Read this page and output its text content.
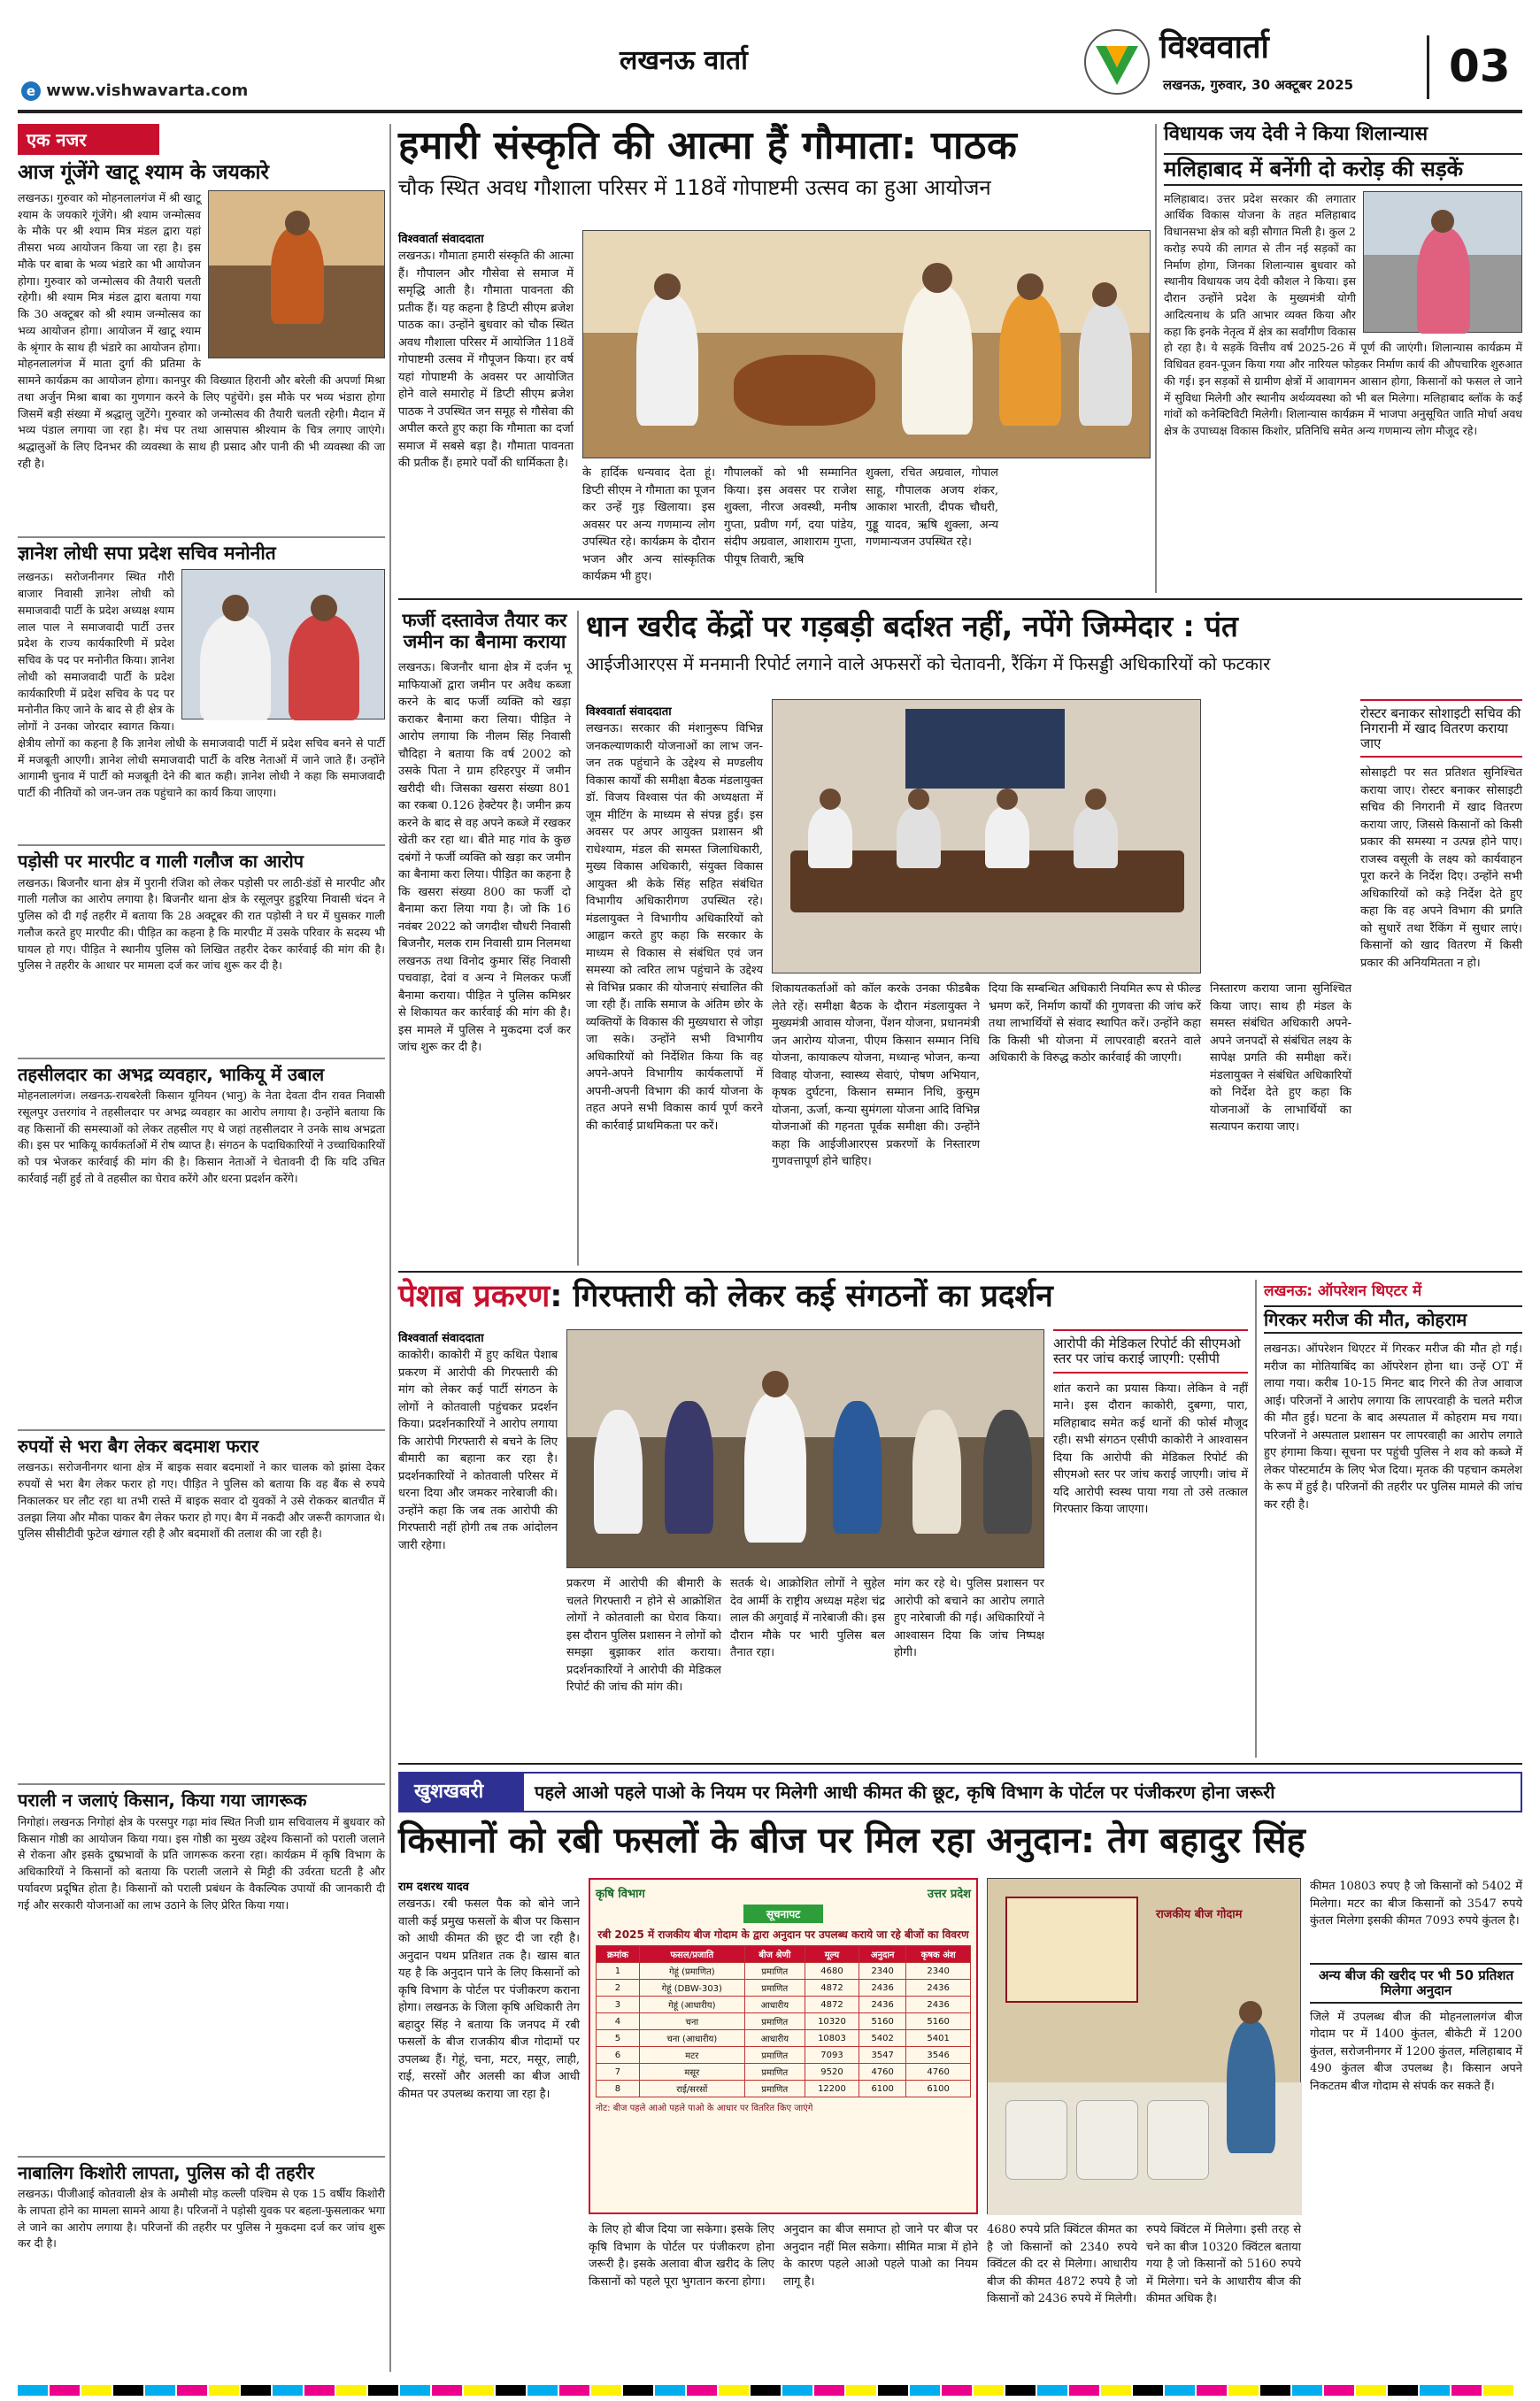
लखनऊ वार्ता
e www.vishwavarta.com
विश्ववार्ता
लखनऊ, गुरुवार, 30 अक्टूबर 2025 03
एक नजर
आज गूंजेंगे खाटू श्याम के जयकारे
लखनऊ। गुरुवार को मोहनलालगंज में श्री खाटू श्याम के जयकारे गूंजेंगे। श्री श्याम जन्मोत्सव के मौके पर श्री श्याम मित्र मंडल द्वारा यहां तीसरा भव्य आयोजन किया जा रहा है। इस मौके पर बाबा के भव्य भंडारे का भी आयोजन होगा। गुरुवार को जन्मोत्सव की तैयारी चलती रहेगी। श्री श्याम मित्र मंडल द्वारा बताया गया कि 30 अक्टूबर को श्री श्याम जन्मोत्सव का भव्य आयोजन होगा। आयोजन में खाटू श्याम के श्रृंगार के साथ ही भंडारे का आयोजन होगा। मोहनलालगंज में माता दुर्गा की प्रतिमा के सामने कार्यक्रम का आयोजन होगा। कानपुर की विख्यात हिरानी और बरेली की अपर्णा मिश्रा तथा अर्जुन मिश्रा बाबा का गुणगान करने के लिए पहुंचेंगे। इस मौके पर भव्य भंडारा होगा जिसमें बड़ी संख्या में श्रद्धालु जुटेंगे। गुरुवार को जन्मोत्सव की तैयारी चलती रहेगी। मैदान में भव्य पंडाल लगाया जा रहा है। मंच पर तथा आसपास श्रीश्याम के चित्र लगाए जाएंगे। श्रद्धालुओं के लिए दिनभर की व्यवस्था के साथ ही प्रसाद और पानी की भी व्यवस्था की जा रही है।
ज्ञानेश लोधी सपा प्रदेश सचिव मनोनीत
लखनऊ। सरोजनीनगर स्थित गौरी बाजार निवासी ज्ञानेश लोधी को समाजवादी पार्टी के प्रदेश अध्यक्ष श्याम लाल पाल ने समाजवादी पार्टी उत्तर प्रदेश के राज्य कार्यकारिणी में प्रदेश सचिव के पद पर मनोनीत किया। ज्ञानेश लोधी को समाजवादी पार्टी के प्रदेश कार्यकारिणी में प्रदेश सचिव के पद पर मनोनीत किए जाने के बाद से ही क्षेत्र के लोगों ने उनका जोरदार स्वागत किया। क्षेत्रीय लोगों का कहना है कि ज्ञानेश लोधी के समाजवादी पार्टी में प्रदेश सचिव बनने से पार्टी में मजबूती आएगी। ज्ञानेश लोधी समाजवादी पार्टी के वरिष्ठ नेताओं में जाने जाते हैं। उन्होंने आगामी चुनाव में पार्टी को मजबूती देने की बात कही। ज्ञानेश लोधी ने कहा कि समाजवादी पार्टी की नीतियों को जन-जन तक पहुंचाने का कार्य किया जाएगा।
पड़ोसी पर मारपीट व गाली गलौज का आरोप
लखनऊ। बिजनौर थाना क्षेत्र में पुरानी रंजिश को लेकर पड़ोसी पर लाठी-डंडों से मारपीट और गाली गलौज का आरोप लगाया है। बिजनौर थाना क्षेत्र के रसूलपुर हुडूरिया निवासी चंदन ने पुलिस को दी गई तहरीर में बताया कि 28 अक्टूबर की रात पड़ोसी ने घर में घुसकर गाली गलौज करते हुए मारपीट की। पीड़ित का कहना है कि मारपीट में उसके परिवार के सदस्य भी घायल हो गए। पीड़ित ने स्थानीय पुलिस को लिखित तहरीर देकर कार्रवाई की मांग की है। पुलिस ने तहरीर के आधार पर मामला दर्ज कर जांच शुरू कर दी है।
तहसीलदार का अभद्र व्यवहार, भाकियू में उबाल
मोहनलालगंज। लखनऊ-रायबरेली किसान यूनियन (भानु) के नेता देवता दीन रावत निवासी रसूलपुर उत्तरगांव ने तहसीलदार पर अभद्र व्यवहार का आरोप लगाया है। उन्होंने बताया कि वह किसानों की समस्याओं को लेकर तहसील गए थे जहां तहसीलदार ने उनके साथ अभद्रता की। इस पर भाकियू कार्यकर्ताओं में रोष व्याप्त है। संगठन के पदाधिकारियों ने उच्चाधिकारियों को पत्र भेजकर कार्रवाई की मांग की है। किसान नेताओं ने चेतावनी दी कि यदि उचित कार्रवाई नहीं हुई तो वे तहसील का घेराव करेंगे और धरना प्रदर्शन करेंगे।
रुपयों से भरा बैग लेकर बदमाश फरार
लखनऊ। सरोजनीनगर थाना क्षेत्र में बाइक सवार बदमाशों ने कार चालक को झांसा देकर रुपयों से भरा बैग लेकर फरार हो गए। पीड़ित ने पुलिस को बताया कि वह बैंक से रुपये निकालकर घर लौट रहा था तभी रास्ते में बाइक सवार दो युवकों ने उसे रोककर बातचीत में उलझा लिया और मौका पाकर बैग लेकर फरार हो गए। बैग में नकदी और जरूरी कागजात थे। पुलिस सीसीटीवी फुटेज खंगाल रही है और बदमाशों की तलाश की जा रही है।
पराली न जलाएं किसान, किया गया जागरूक
निगोहां। लखनऊ निगोहां क्षेत्र के परसपुर गढ़ा मांव स्थित निजी ग्राम सचिवालय में बुधवार को किसान गोष्ठी का आयोजन किया गया। इस गोष्ठी का मुख्य उद्देश्य किसानों को पराली जलाने से रोकना और इसके दुष्प्रभावों के प्रति जागरूक करना रहा। कार्यक्रम में कृषि विभाग के अधिकारियों ने किसानों को बताया कि पराली जलाने से मिट्टी की उर्वरता घटती है और पर्यावरण प्रदूषित होता है। किसानों को पराली प्रबंधन के वैकल्पिक उपायों की जानकारी दी गई और सरकारी योजनाओं का लाभ उठाने के लिए प्रेरित किया गया।
नाबालिग किशोरी लापता, पुलिस को दी तहरीर
लखनऊ। पीजीआई कोतवाली क्षेत्र के अमौसी मोड़ कल्ली पश्चिम से एक 15 वर्षीय किशोरी के लापता होने का मामला सामने आया है। परिजनों ने पड़ोसी युवक पर बहला-फुसलाकर भगा ले जाने का आरोप लगाया है। परिजनों की तहरीर पर पुलिस ने मुकदमा दर्ज कर जांच शुरू कर दी है।
हमारी संस्कृति की आत्मा हैं गौमाता: पाठक
चौक स्थित अवध गौशाला परिसर में 118वें गोपाष्टमी उत्सव का हुआ आयोजन
विश्ववार्ता संवाददाता
लखनऊ। गौमाता हमारी संस्कृति की आत्मा हैं। गौपालन और गौसेवा से समाज में समृद्धि आती है। गौमाता पावनता की प्रतीक हैं। यह कहना है डिप्टी सीएम ब्रजेश पाठक का। उन्होंने बुधवार को चौक स्थित अवध गौशाला परिसर में आयोजित 118वें गोपाष्टमी उत्सव में गौपूजन किया। हर वर्ष यहां गोपाष्टमी के अवसर पर आयोजित होने वाले समारोह में डिप्टी सीएम ब्रजेश पाठक ने उपस्थित जन समूह से गौसेवा की अपील करते हुए कहा कि गौमाता का दर्जा समाज में सबसे बड़ा है। गौमाता पावनता की प्रतीक हैं। हमारे पर्वों की धार्मिकता है।
के हार्दिक धन्यवाद देता हूं। डिप्टी सीएम ने गौमाता का पूजन कर उन्हें गुड़ खिलाया। इस अवसर पर अन्य गणमान्य लोग उपस्थित रहे। कार्यक्रम के दौरान भजन और अन्य सांस्कृतिक कार्यक्रम भी हुए।
गौपालकों को भी सम्मानित किया। इस अवसर पर राजेश शुक्ला, नीरज अवस्थी, मनीष गुप्ता, प्रवीण गर्ग, दया पांडेय, संदीप अग्रवाल, आशाराम गुप्ता, पीयूष तिवारी, ऋषि
शुक्ला, रचित अग्रवाल, गोपाल साहू, गौपालक अजय शंकर, आकाश भारती, दीपक चौधरी, गुड्डू यादव, ऋषि शुक्ला, अन्य गणमान्यजन उपस्थित रहे।
विधायक जय देवी ने किया शिलान्यास
मलिहाबाद में बनेंगी दो करोड़ की सड़कें
मलिहाबाद। उत्तर प्रदेश सरकार की लगातार आर्थिक विकास योजना के तहत मलिहाबाद विधानसभा क्षेत्र को बड़ी सौगात मिली है। कुल 2 करोड़ रुपये की लागत से तीन नई सड़कों का निर्माण होगा, जिनका शिलान्यास बुधवार को स्थानीय विधायक जय देवी कौशल ने किया। इस दौरान उन्होंने प्रदेश के मुख्यमंत्री योगी आदित्यनाथ के प्रति आभार व्यक्त किया और कहा कि इनके नेतृत्व में क्षेत्र का सर्वांगीण विकास हो रहा है। ये सड़कें वित्तीय वर्ष 2025-26 में पूर्ण की जाएंगी। शिलान्यास कार्यक्रम में विधिवत हवन-पूजन किया गया और नारियल फोड़कर निर्माण कार्य की औपचारिक शुरुआत की गई। इन सड़कों से ग्रामीण क्षेत्रों में आवागमन आसान होगा, किसानों को फसल ले जाने में सुविधा मिलेगी और स्थानीय अर्थव्यवस्था को भी बल मिलेगा। मलिहाबाद ब्लॉक के कई गांवों को कनेक्टिविटी मिलेगी। शिलान्यास कार्यक्रम में भाजपा अनुसूचित जाति मोर्चा अवध क्षेत्र के उपाध्यक्ष विकास किशोर, प्रतिनिधि समेत अन्य गणमान्य लोग मौजूद रहे।
फर्जी दस्तावेज तैयार कर जमीन का बैनामा कराया
लखनऊ। बिजनौर थाना क्षेत्र में दर्जन भू माफियाओं द्वारा जमीन पर अवैध कब्जा करने के बाद फर्जी व्यक्ति को खड़ा कराकर बैनामा करा लिया। पीड़ित ने आरोप लगाया कि नीलम सिंह निवासी चौदिहा ने बताया कि वर्ष 2002 को उसके पिता ने ग्राम हरिहरपुर में जमीन खरीदी थी। जिसका खसरा संख्या 801 का रकबा 0.126 हेक्टेयर है। जमीन क्रय करने के बाद से वह अपने कब्जे में रखकर खेती कर रहा था। बीते माह गांव के कुछ दबंगों ने फर्जी व्यक्ति को खड़ा कर जमीन का बैनामा करा लिया। पीड़ित का कहना है कि खसरा संख्या 800 का फर्जी दो बैनामा करा लिया गया है। जो कि 16 नवंबर 2022 को जगदीश चौधरी निवासी बिजनौर, मलक राम निवासी ग्राम निलमथा लखनऊ तथा विनोद कुमार सिंह निवासी पचवाड़ा, देवां व अन्य ने मिलकर फर्जी बैनामा कराया। पीड़ित ने पुलिस कमिश्नर से शिकायत कर कार्रवाई की मांग की है। इस मामले में पुलिस ने मुकदमा दर्ज कर जांच शुरू कर दी है।
धान खरीद केंद्रों पर गड़बड़ी बर्दाश्त नहीं, नपेंगे जिम्मेदार : पंत
आईजीआरएस में मनमानी रिपोर्ट लगाने वाले अफसरों को चेतावनी, रैंकिंग में फिसड्डी अधिकारियों को फटकार
विश्ववार्ता संवाददाता
लखनऊ। सरकार की मंशानुरूप विभिन्न जनकल्याणकारी योजनाओं का लाभ जन-जन तक पहुंचाने के उद्देश्य से मण्डलीय विकास कार्यों की समीक्षा बैठक मंडलायुक्त डॉ. विजय विश्वास पंत की अध्यक्षता में जूम मीटिंग के माध्यम से संपन्न हुई। इस अवसर पर अपर आयुक्त प्रशासन श्री राधेश्याम, मंडल की समस्त जिलाधिकारी, मुख्य विकास अधिकारी, संयुक्त विकास आयुक्त श्री केके सिंह सहित संबंधित विभागीय अधिकारीगण उपस्थित रहे। मंडलायुक्त ने विभागीय अधिकारियों को आह्वान करते हुए कहा कि सरकार के माध्यम से विकास से संबंधित एवं जन समस्या को त्वरित लाभ पहुंचाने के उद्देश्य से विभिन्न प्रकार की योजनाएं संचालित की जा रही हैं। ताकि समाज के अंतिम छोर के व्यक्तियों के विकास की मुख्यधारा से जोड़ा जा सके। उन्होंने सभी विभागीय अधिकारियों को निर्देशित किया कि वह अपने-अपने विभागीय कार्यकलापों में अपनी-अपनी विभाग की कार्य योजना के तहत अपने सभी विकास कार्य पूर्ण करने की कार्रवाई प्राथमिकता पर करें।
शिकायतकर्ताओं को कॉल करके उनका फीडबैक लेते रहें। समीक्षा बैठक के दौरान मंडलायुक्त ने मुख्यमंत्री आवास योजना, पेंशन योजना, प्रधानमंत्री जन आरोग्य योजना, पीएम किसान सम्मान निधि योजना, कायाकल्प योजना, मध्यान्ह भोजन, कन्या विवाह योजना, स्वास्थ्य सेवाएं, पोषण अभियान, कृषक दुर्घटना, किसान सम्मान निधि, कुसुम योजना, ऊर्जा, कन्या सुमंगला योजना आदि विभिन्न योजनाओं की गहनता पूर्वक समीक्षा की। उन्होंने कहा कि आईजीआरएस प्रकरणों के निस्तारण गुणवत्तापूर्ण होने चाहिए।
दिया कि सम्बन्धित अधिकारी नियमित रूप से फील्ड भ्रमण करें, निर्माण कार्यों की गुणवत्ता की जांच करें तथा लाभार्थियों से संवाद स्थापित करें। उन्होंने कहा कि किसी भी योजना में लापरवाही बरतने वाले अधिकारी के विरुद्ध कठोर कार्रवाई की जाएगी।
निस्तारण कराया जाना सुनिश्चित किया जाए। साथ ही मंडल के समस्त संबंधित अधिकारी अपने-अपने जनपदों से संबंधित लक्ष्य के सापेक्ष प्रगति की समीक्षा करें। मंडलायुक्त ने संबंधित अधिकारियों को निर्देश देते हुए कहा कि योजनाओं के लाभार्थियों का सत्यापन कराया जाए।
रोस्टर बनाकर सोशाइटी सचिव की निगरानी में खाद वितरण कराया जाए
सोसाइटी पर सत प्रतिशत सुनिश्चित कराया जाए। रोस्टर बनाकर सोसाइटी सचिव की निगरानी में खाद वितरण कराया जाए, जिससे किसानों को किसी प्रकार की समस्या न उत्पन्न होने पाए। राजस्व वसूली के लक्ष्य को कार्यवाहन पूरा करने के निर्देश दिए। उन्होंने सभी अधिकारियों को कड़े निर्देश देते हुए कहा कि वह अपने विभाग की प्रगति को सुधारें तथा रैंकिंग में सुधार लाएं। किसानों को खाद वितरण में किसी प्रकार की अनियमितता न हो।
पेशाब प्रकरण: गिरफ्तारी को लेकर कई संगठनों का प्रदर्शन
विश्ववार्ता संवाददाता
काकोरी। काकोरी में हुए कथित पेशाब प्रकरण में आरोपी की गिरफ्तारी की मांग को लेकर कई पार्टी संगठन के लोगों ने कोतवाली पहुंचकर प्रदर्शन किया। प्रदर्शनकारियों ने आरोप लगाया कि आरोपी गिरफ्तारी से बचने के लिए बीमारी का बहाना कर रहा है। प्रदर्शनकारियों ने कोतवाली परिसर में धरना दिया और जमकर नारेबाजी की। उन्होंने कहा कि जब तक आरोपी की गिरफ्तारी नहीं होगी तब तक आंदोलन जारी रहेगा।
प्रकरण में आरोपी की बीमारी के चलते गिरफ्तारी न होने से आक्रोशित लोगों ने कोतवाली का घेराव किया। इस दौरान पुलिस प्रशासन ने लोगों को समझा बुझाकर शांत कराया। प्रदर्शनकारियों ने आरोपी की मेडिकल रिपोर्ट की जांच की मांग की।
सतर्क थे। आक्रोशित लोगों ने सुहेल देव आर्मी के राष्ट्रीय अध्यक्ष महेश चंद्र लाल की अगुवाई में नारेबाजी की। इस दौरान मौके पर भारी पुलिस बल तैनात रहा।
मांग कर रहे थे। पुलिस प्रशासन पर आरोपी को बचाने का आरोप लगाते हुए नारेबाजी की गई। अधिकारियों ने आश्वासन दिया कि जांच निष्पक्ष होगी।
आरोपी की मेडिकल रिपोर्ट की सीएमओ स्तर पर जांच कराई जाएगी: एसीपी
शांत कराने का प्रयास किया। लेकिन वे नहीं माने। इस दौरान काकोरी, दुबग्गा, पारा, मलिहाबाद समेत कई थानों की फोर्स मौजूद रही। सभी संगठन एसीपी काकोरी ने आश्वासन दिया कि आरोपी की मेडिकल रिपोर्ट की सीएमओ स्तर पर जांच कराई जाएगी। जांच में यदि आरोपी स्वस्थ पाया गया तो उसे तत्काल गिरफ्तार किया जाएगा।
लखनऊ: ऑपरेशन थिएटर में
गिरकर मरीज की मौत, कोहराम
लखनऊ। ऑपरेशन थिएटर में गिरकर मरीज की मौत हो गई। मरीज का मोतियाबिंद का ऑपरेशन होना था। उन्हें OT में लाया गया। करीब 10-15 मिनट बाद गिरने की तेज आवाज आई। परिजनों ने आरोप लगाया कि लापरवाही के चलते मरीज की मौत हुई। घटना के बाद अस्पताल में कोहराम मच गया। परिजनों ने अस्पताल प्रशासन पर लापरवाही का आरोप लगाते हुए हंगामा किया। सूचना पर पहुंची पुलिस ने शव को कब्जे में लेकर पोस्टमार्टम के लिए भेज दिया। मृतक की पहचान कमलेश के रूप में हुई है। परिजनों की तहरीर पर पुलिस मामले की जांच कर रही है।
खुशखबरी	पहले आओ पहले पाओ के नियम पर मिलेगी आधी कीमत की छूट, कृषि विभाग के पोर्टल पर पंजीकरण होना जरूरी
किसानों को रबी फसलों के बीज पर मिल रहा अनुदान: तेग बहादुर सिंह
राम दशरथ यादव
लखनऊ। रबी फसल पैक को बोने जाने वाली कई प्रमुख फसलों के बीज पर किसान को आधी कीमत की छूट दी जा रही है। अनुदान पथम प्रतिशत तक है। खास बात यह है कि अनुदान पाने के लिए किसानों को कृषि विभाग के पोर्टल पर पंजीकरण कराना होगा। लखनऊ के जिला कृषि अधिकारी तेग बहादुर सिंह ने बताया कि जनपद में रबी फसलों के बीज राजकीय बीज गोदामों पर उपलब्ध हैं। गेहूं, चना, मटर, मसूर, लाही, राई, सरसों और अलसी का बीज आधी कीमत पर उपलब्ध कराया जा रहा है।
कृषि विभाग	उत्तर प्रदेश
सूचनापट
रबी 2025 में राजकीय बीज गोदाम के द्वारा अनुदान पर उपलब्ध कराये जा रहे बीजों का विवरण
क्रमांक	फसल/प्रजाति	बीज श्रेणी	मूल्य	अनुदान	कृषक अंश
1	गेहूं (प्रमाणित)	प्रमाणित	4680	2340	2340
2	गेहूं (DBW-303)	प्रमाणित	4872	2436	2436
3	गेहूं (आधारीय)	आधारीय	4872	2436	2436
4	चना	प्रमाणित	10320	5160	5160
5	चना (आधारीय)	आधारीय	10803	5402	5401
6	मटर	प्रमाणित	7093	3547	3546
7	मसूर	प्रमाणित	9520	4760	4760
8	राई/सरसों	प्रमाणित	12200	6100	6100
नोट: बीज पहले आओ पहले पाओ के आधार पर वितरित किए जाएंगे
राजकीय बीज गोदाम
के लिए हो बीज दिया जा सकेगा। इसके लिए कृषि विभाग के पोर्टल पर पंजीकरण होना जरूरी है। इसके अलावा बीज खरीद के लिए किसानों को पहले पूरा भुगतान करना होगा।
अनुदान का बीज समाप्त हो जाने पर बीज पर अनुदान नहीं मिल सकेगा। सीमित मात्रा में होने के कारण पहले आओ पहले पाओ का नियम लागू है।
4680 रुपये प्रति क्विंटल कीमत का है जो किसानों को 2340 रुपये क्विंटल की दर से मिलेगा। आधारीय बीज की कीमत 4872 रुपये है जो किसानों को 2436 रुपये में मिलेगी।
रुपये क्विंटल में मिलेगा। इसी तरह से चने का बीज 10320 क्विंटल बताया गया है जो किसानों को 5160 रुपये में मिलेगा। चने के आधारीय बीज की कीमत अधिक है।
कीमत 10803 रुपए है जो किसानों को 5402 में मिलेगा। मटर का बीज किसानों को 3547 रुपये कुंतल मिलेगा इसकी कीमत 7093 रुपये कुंतल है।
अन्य बीज की खरीद पर भी 50 प्रतिशत मिलेगा अनुदान
जिले में उपलब्ध बीज की मोहनलालगंज बीज गोदाम पर में 1400 कुंतल, बीकेटी में 1200 कुंतल, सरोजनीनगर में 1200 कुंतल, मलिहाबाद में 490 कुंतल बीज उपलब्ध है। किसान अपने निकटतम बीज गोदाम से संपर्क कर सकते हैं।
